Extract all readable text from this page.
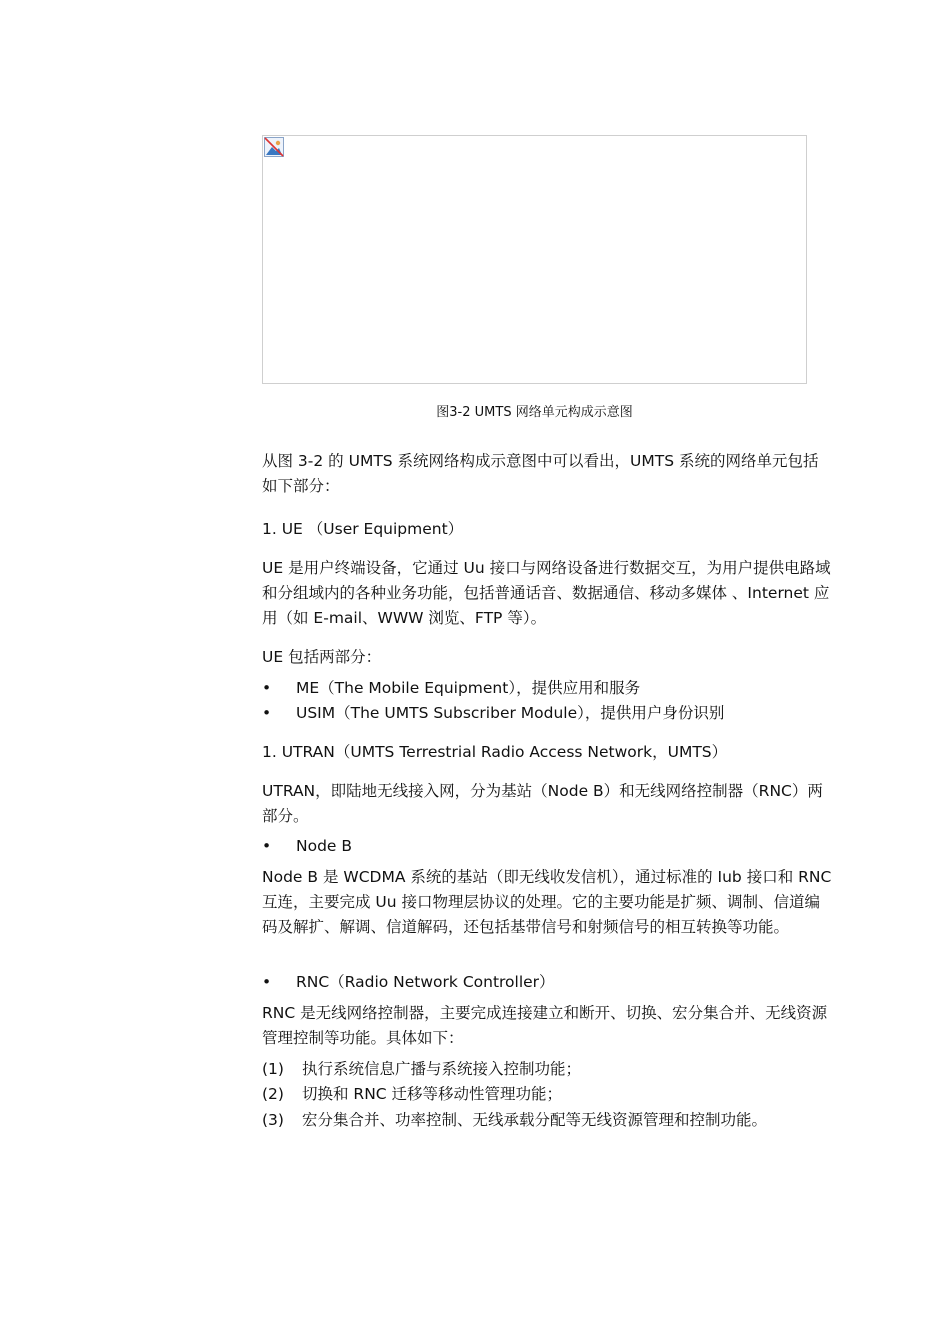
图3-2 UMTS 网络单元构成示意图
从图 3-2 的 UMTS 系统网络构成示意图中可以看出，UMTS 系统的网络单元包括如下部分：
1. UE （User Equipment）
UE 是用户终端设备，它通过 Uu 接口与网络设备进行数据交互，为用户提供电路域和分组域内的各种业务功能，包括普通话音、数据通信、移动多媒体 、Internet 应用（如 E-mail、WWW 浏览、FTP 等）。
UE 包括两部分：
•	ME（The Mobile Equipment），提供应用和服务
•	USIM（The UMTS Subscriber Module），提供用户身份识别
1. UTRAN（UMTS Terrestrial Radio Access Network，UMTS）
UTRAN，即陆地无线接入网，分为基站（Node B）和无线网络控制器（RNC）两部分。
•	Node B
Node B 是 WCDMA 系统的基站（即无线收发信机），通过标准的 Iub 接口和 RNC 互连，主要完成 Uu 接口物理层协议的处理。它的主要功能是扩频、调制、信道编码及解扩、解调、信道解码，还包括基带信号和射频信号的相互转换等功能。
•	RNC（Radio Network Controller）
RNC 是无线网络控制器，主要完成连接建立和断开、切换、宏分集合并、无线资源管理控制等功能。具体如下：
(1) 执行系统信息广播与系统接入控制功能；
(2) 切换和 RNC 迁移等移动性管理功能；
(3) 宏分集合并、功率控制、无线承载分配等无线资源管理和控制功能。
